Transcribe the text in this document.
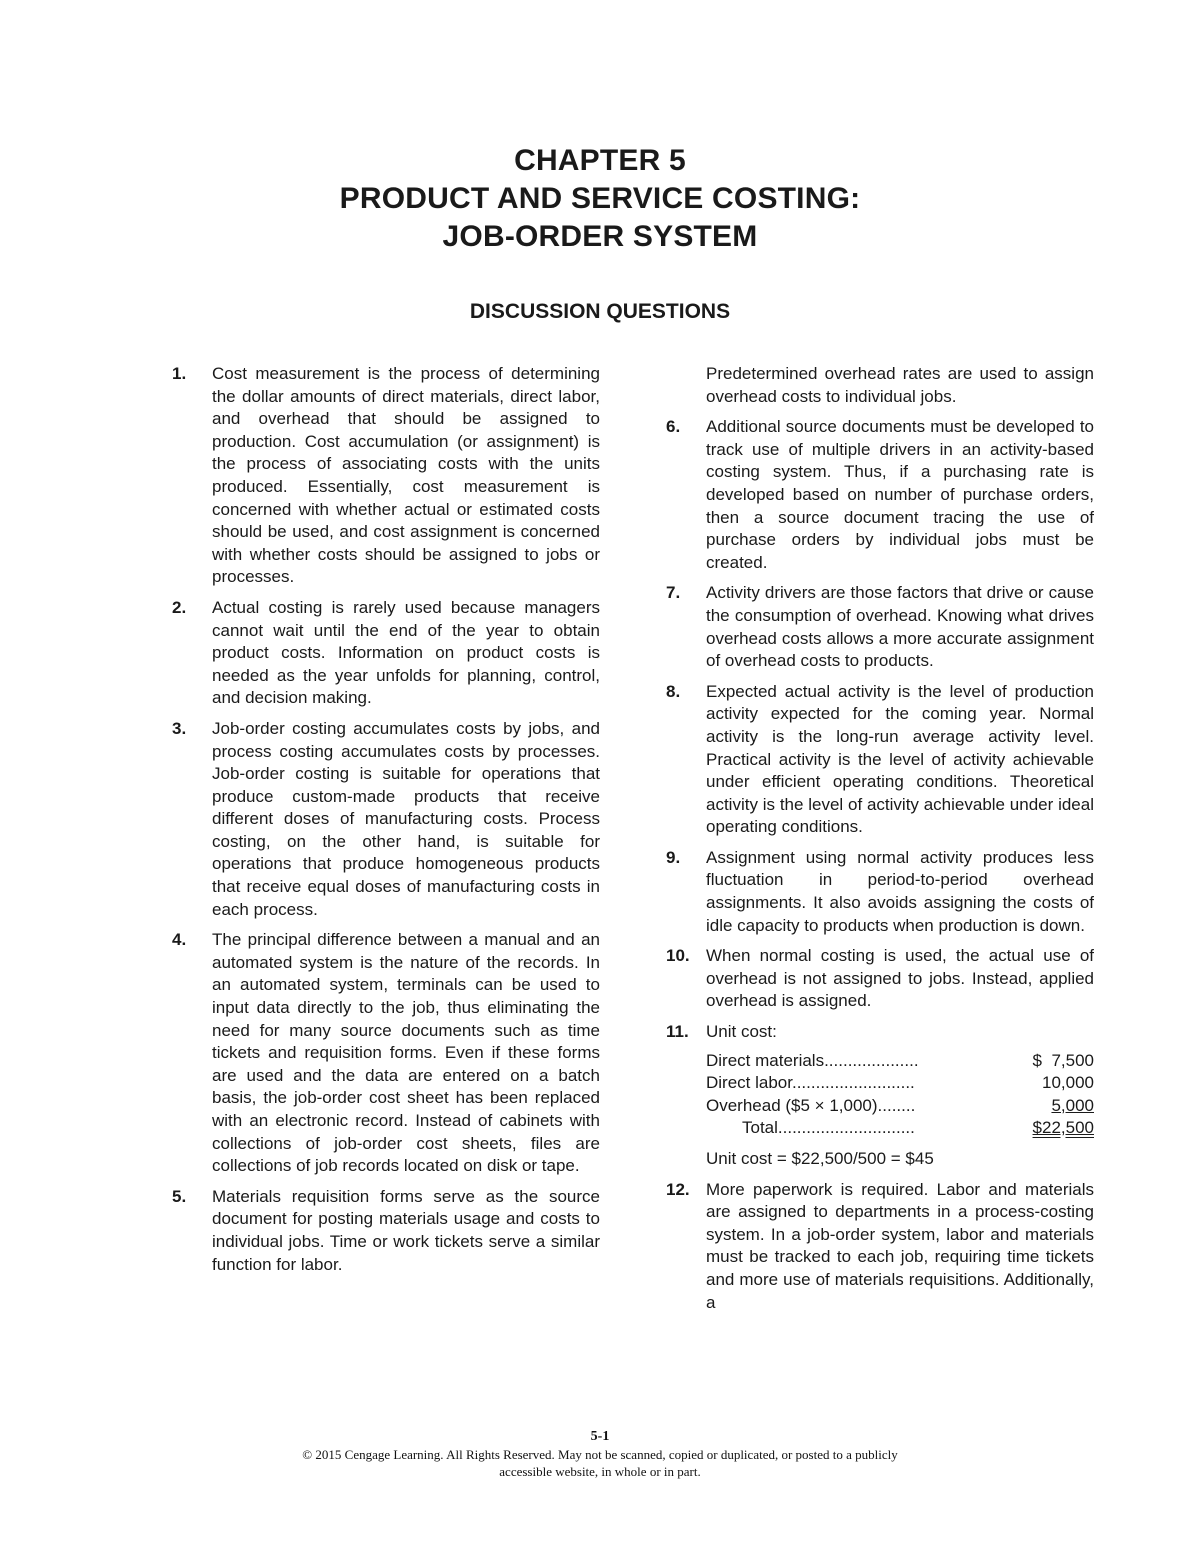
CHAPTER 5
PRODUCT AND SERVICE COSTING:
JOB-ORDER SYSTEM
DISCUSSION QUESTIONS
1.	Cost measurement is the process of determining the dollar amounts of direct materials, direct labor, and overhead that should be assigned to production. Cost accumulation (or assignment) is the process of associating costs with the units produced. Essentially, cost measurement is concerned with whether actual or estimated costs should be used, and cost assignment is concerned with whether costs should be assigned to jobs or processes.
2.	Actual costing is rarely used because managers cannot wait until the end of the year to obtain product costs. Information on product costs is needed as the year unfolds for planning, control, and decision making.
3.	Job-order costing accumulates costs by jobs, and process costing accumulates costs by processes. Job-order costing is suitable for operations that produce custom-made products that receive different doses of manufacturing costs. Process costing, on the other hand, is suitable for operations that produce homogeneous products that receive equal doses of manufacturing costs in each process.
4.	The principal difference between a manual and an automated system is the nature of the records. In an automated system, terminals can be used to input data directly to the job, thus eliminating the need for many source documents such as time tickets and requisition forms. Even if these forms are used and the data are entered on a batch basis, the job-order cost sheet has been replaced with an electronic record. Instead of cabinets with collections of job-order cost sheets, files are collections of job records located on disk or tape.
5.	Materials requisition forms serve as the source document for posting materials usage and costs to individual jobs. Time or work tickets serve a similar function for labor.
Predetermined overhead rates are used to assign overhead costs to individual jobs.
6.	Additional source documents must be developed to track use of multiple drivers in an activity-based costing system. Thus, if a purchasing rate is developed based on number of purchase orders, then a source document tracing the use of purchase orders by individual jobs must be created.
7.	Activity drivers are those factors that drive or cause the consumption of overhead. Knowing what drives overhead costs allows a more accurate assignment of overhead costs to products.
8.	Expected actual activity is the level of production activity expected for the coming year. Normal activity is the long-run average activity level. Practical activity is the level of activity achievable under efficient operating conditions. Theoretical activity is the level of activity achievable under ideal operating conditions.
9.	Assignment using normal activity produces less fluctuation in period-to-period overhead assignments. It also avoids assigning the costs of idle capacity to products when production is down.
10. When normal costing is used, the actual use of overhead is not assigned to jobs. Instead, applied overhead is assigned.
11.	Unit cost:
Direct materials....................	$  7,500
Direct labor..........................	10,000
Overhead ($5 × 1,000)........	5,000
Total.............................	$22,500
Unit cost = $22,500/500 = $45
12. More paperwork is required. Labor and materials are assigned to departments in a process-costing system. In a job-order system, labor and materials must be tracked to each job, requiring time tickets and more use of materials requisitions. Additionally, a
5-1
© 2015 Cengage Learning. All Rights Reserved. May not be scanned, copied or duplicated, or posted to a publicly
accessible website, in whole or in part.
